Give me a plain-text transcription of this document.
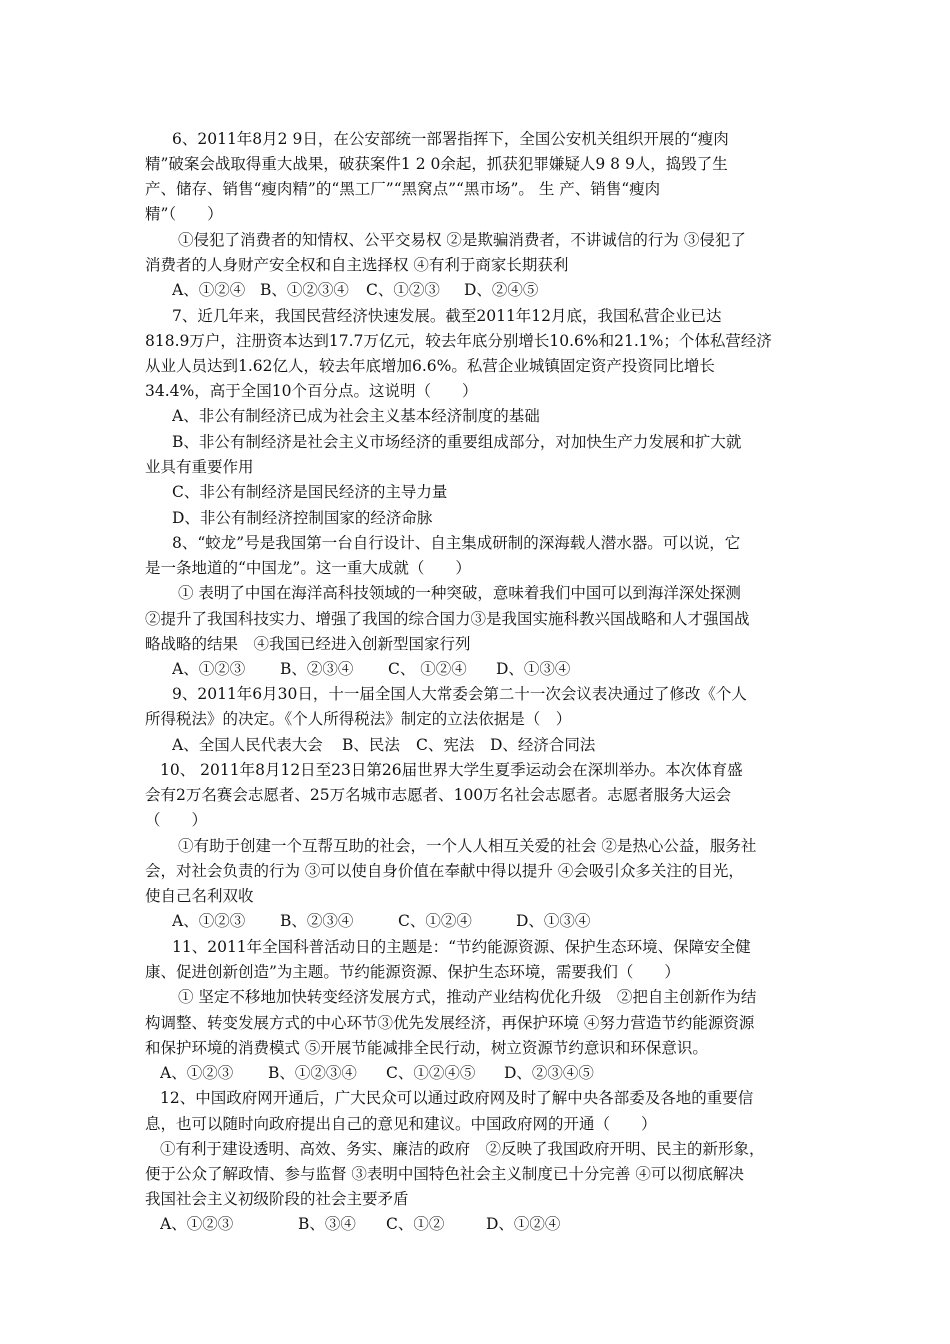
6、2011年8月2 9日，在公安部统一部署指挥下，全国公安机关组织开展的“瘦肉
精”破案会战取得重大战果，破获案件1 2 0余起，抓获犯罪嫌疑人9 8 9人，捣毁了生
产、储存、销售“瘦肉精”的“黑工厂”“黑窝点”“黑市场”。 生 产、销售“瘦肉
精”（　　）
①侵犯了消费者的知情权、公平交易权 ②是欺骗消费者，不讲诚信的行为 ③侵犯了
消费者的人身财产安全权和自主选择权 ④有利于商家长期获利
A、①②④ B、①②③④ C、①②③ D、②④⑤
7、近几年来，我国民营经济快速发展。截至2011年12月底，我国私营企业已达
818.9万户，注册资本达到17.7万亿元，较去年底分别增长10.6%和21.1%；个体私营经济
从业人员达到1.62亿人，较去年底增加6.6%。私营企业城镇固定资产投资同比增长
34.4%，高于全国10个百分点。这说明（　　）
A、非公有制经济已成为社会主义基本经济制度的基础
B、非公有制经济是社会主义市场经济的重要组成部分，对加快生产力发展和扩大就
业具有重要作用
C、非公有制经济是国民经济的主导力量
D、非公有制经济控制国家的经济命脉
8、“蛟龙”号是我国第一台自行设计、自主集成研制的深海载人潜水器。可以说，它
是一条地道的“中国龙”。这一重大成就（　　）
① 表明了中国在海洋高科技领域的一种突破，意味着我们中国可以到海洋深处探测
②提升了我国科技实力、增强了我国的综合国力③是我国实施科教兴国战略和人才强国战
略战略的结果　④我国已经进入创新型国家行列
A、①②③ B、②③④ C、 ①②④ D、①③④
9、2011年6月30日，十一届全国人大常委会第二十一次会议表决通过了修改《个人
所得税法》的决定。《个人所得税法》制定的立法依据是（　）
A、全国人民代表大会 B、民法 C、宪法 D、经济合同法
10、 2011年8月12日至23日第26届世界大学生夏季运动会在深圳举办。本次体育盛
会有2万名赛会志愿者、25万名城市志愿者、100万名社会志愿者。志愿者服务大运会
（　　）
①有助于创建一个互帮互助的社会，一个人人相互关爱的社会 ②是热心公益，服务社
会，对社会负责的行为 ③可以使自身价值在奉献中得以提升 ④会吸引众多关注的目光，
使自己名利双收
A、①②③ B、②③④	C、①②④	D、①③④
11、2011年全国科普活动日的主题是：“节约能源资源、保护生态环境、保障安全健
康、促进创新创造”为主题。节约能源资源、保护生态环境，需要我们（　　）
① 坚定不移地加快转变经济发展方式，推动产业结构优化升级　②把自主创新作为结
构调整、转变发展方式的中心环节③优先发展经济，再保护环境 ④努力营造节约能源资源
和保护环境的消费模式 ⑤开展节能减排全民行动，树立资源节约意识和环保意识。
A、①②③ B、①②③④ C、①②④⑤ D、②③④⑤
12、中国政府网开通后，广大民众可以通过政府网及时了解中央各部委及各地的重要信
息，也可以随时向政府提出自己的意见和建议。中国政府网的开通（　　）
①有利于建设透明、高效、务实、廉洁的政府　②反映了我国政府开明、民主的新形象，
便于公众了解政情、参与监督 ③表明中国特色社会主义制度已十分完善 ④可以彻底解决
我国社会主义初级阶段的社会主要矛盾
A、①②③	B、③④ C、①②	D、①②④
